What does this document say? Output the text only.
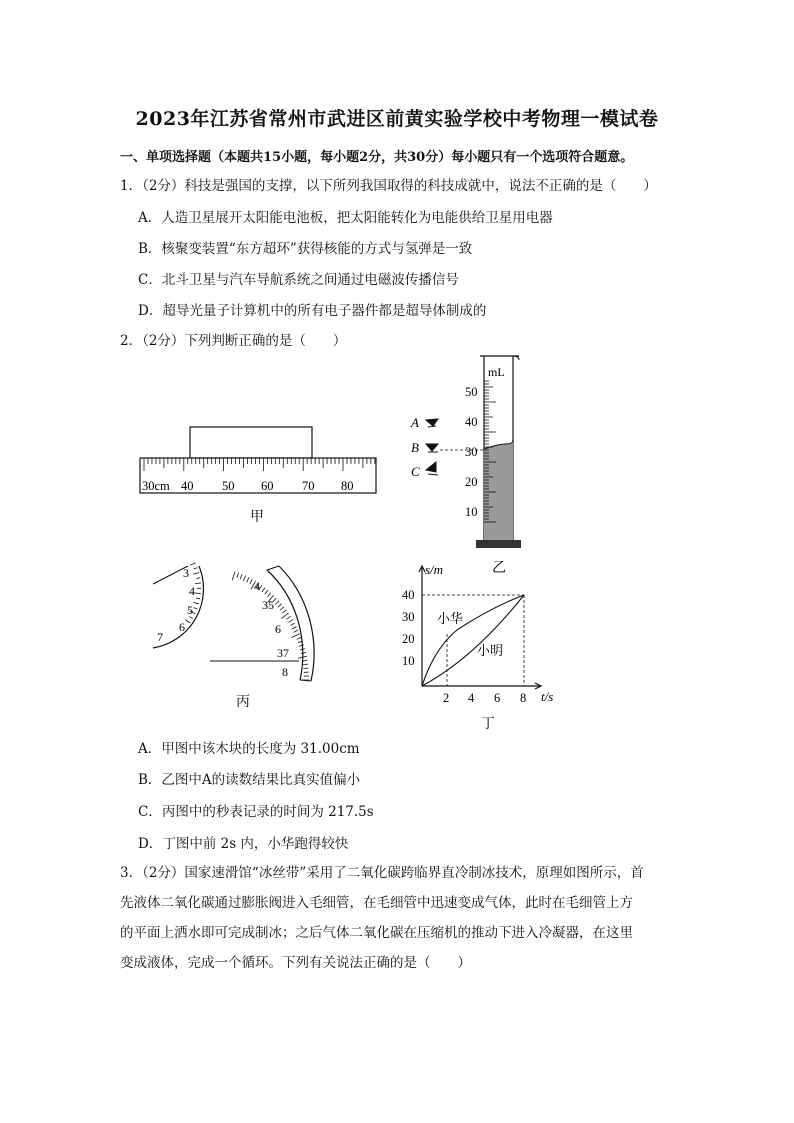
2023年江苏省常州市武进区前黄实验学校中考物理一模试卷
一、单项选择题（本题共15小题，每小题2分，共30分）每小题只有一个选项符合题意。
1．（2分）科技是强国的支撑，以下所列我国取得的科技成就中，说法不正确的是（　　）
A．人造卫星展开太阳能电池板，把太阳能转化为电能供给卫星用电器
B．核聚变装置“东方超环”获得核能的方式与氢弹是一致
C．北斗卫星与汽车导航系统之间通过电磁波传播信号
D．超导光量子计算机中的所有电子器件都是超导体制成的
2．（2分）下列判断正确的是（　　）
30cm 40 50 60 70 80
甲
mL
50
40
30
20
10
A
B
C
乙
3
4
5
6
7
4
35
6
37
8
丙
s/m
t/s
40
30
20
10
2 4 6 8
小华
小明
丁
A．甲图中该木块的长度为 31.00cm
B．乙图中A的读数结果比真实值偏小
C．丙图中的秒表记录的时间为 217.5s
D．丁图中前 2s 内，小华跑得较快
3．（2分）国家速滑馆“冰丝带”采用了二氧化碳跨临界直冷制冰技术，原理如图所示，首
先液体二氧化碳通过膨胀阀进入毛细管，在毛细管中迅速变成气体，此时在毛细管上方
的平面上洒水即可完成制冰；之后气体二氧化碳在压缩机的推动下进入冷凝器，在这里
变成液体，完成一个循环。下列有关说法正确的是（　　）
